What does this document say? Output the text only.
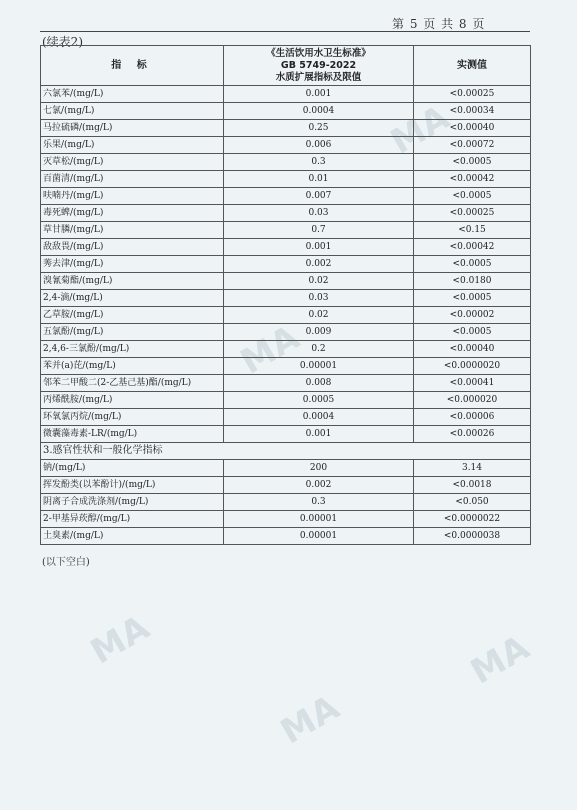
MA
MA
MA
MA
MA
第 5 页 共 8 页
(续表2)
指 标	《生活饮用水卫生标准》
GB 5749-2022
水质扩展指标及限值	实测值
六氯苯/(mg/L)	0.001	<0.00025
七氯/(mg/L)	0.0004	<0.00034
马拉硫磷/(mg/L)	0.25	<0.00040
乐果/(mg/L)	0.006	<0.00072
灭草松/(mg/L)	0.3	<0.0005
百菌清/(mg/L)	0.01	<0.00042
呋喃丹/(mg/L)	0.007	<0.0005
毒死蜱/(mg/L)	0.03	<0.00025
草甘膦/(mg/L)	0.7	<0.15
敌敌畏/(mg/L)	0.001	<0.00042
莠去津/(mg/L)	0.002	<0.0005
溴氰菊酯/(mg/L)	0.02	<0.0180
2,4-滴/(mg/L)	0.03	<0.0005
乙草胺/(mg/L)	0.02	<0.00002
五氯酚/(mg/L)	0.009	<0.0005
2,4,6-三氯酚/(mg/L)	0.2	<0.00040
苯并(a)芘/(mg/L)	0.00001	<0.0000020
邻苯二甲酸二(2-乙基己基)酯/(mg/L)	0.008	<0.00041
丙烯酰胺/(mg/L)	0.0005	<0.000020
环氧氯丙烷/(mg/L)	0.0004	<0.00006
微囊藻毒素-LR/(mg/L)	0.001	<0.00026
3.感官性状和一般化学指标		
钠/(mg/L)	200	3.14
挥发酚类(以苯酚计)/(mg/L)	0.002	<0.0018
阴离子合成洗涤剂/(mg/L)	0.3	<0.050
2-甲基异莰醇/(mg/L)	0.00001	<0.0000022
土臭素/(mg/L)	0.00001	<0.0000038
(以下空白)
